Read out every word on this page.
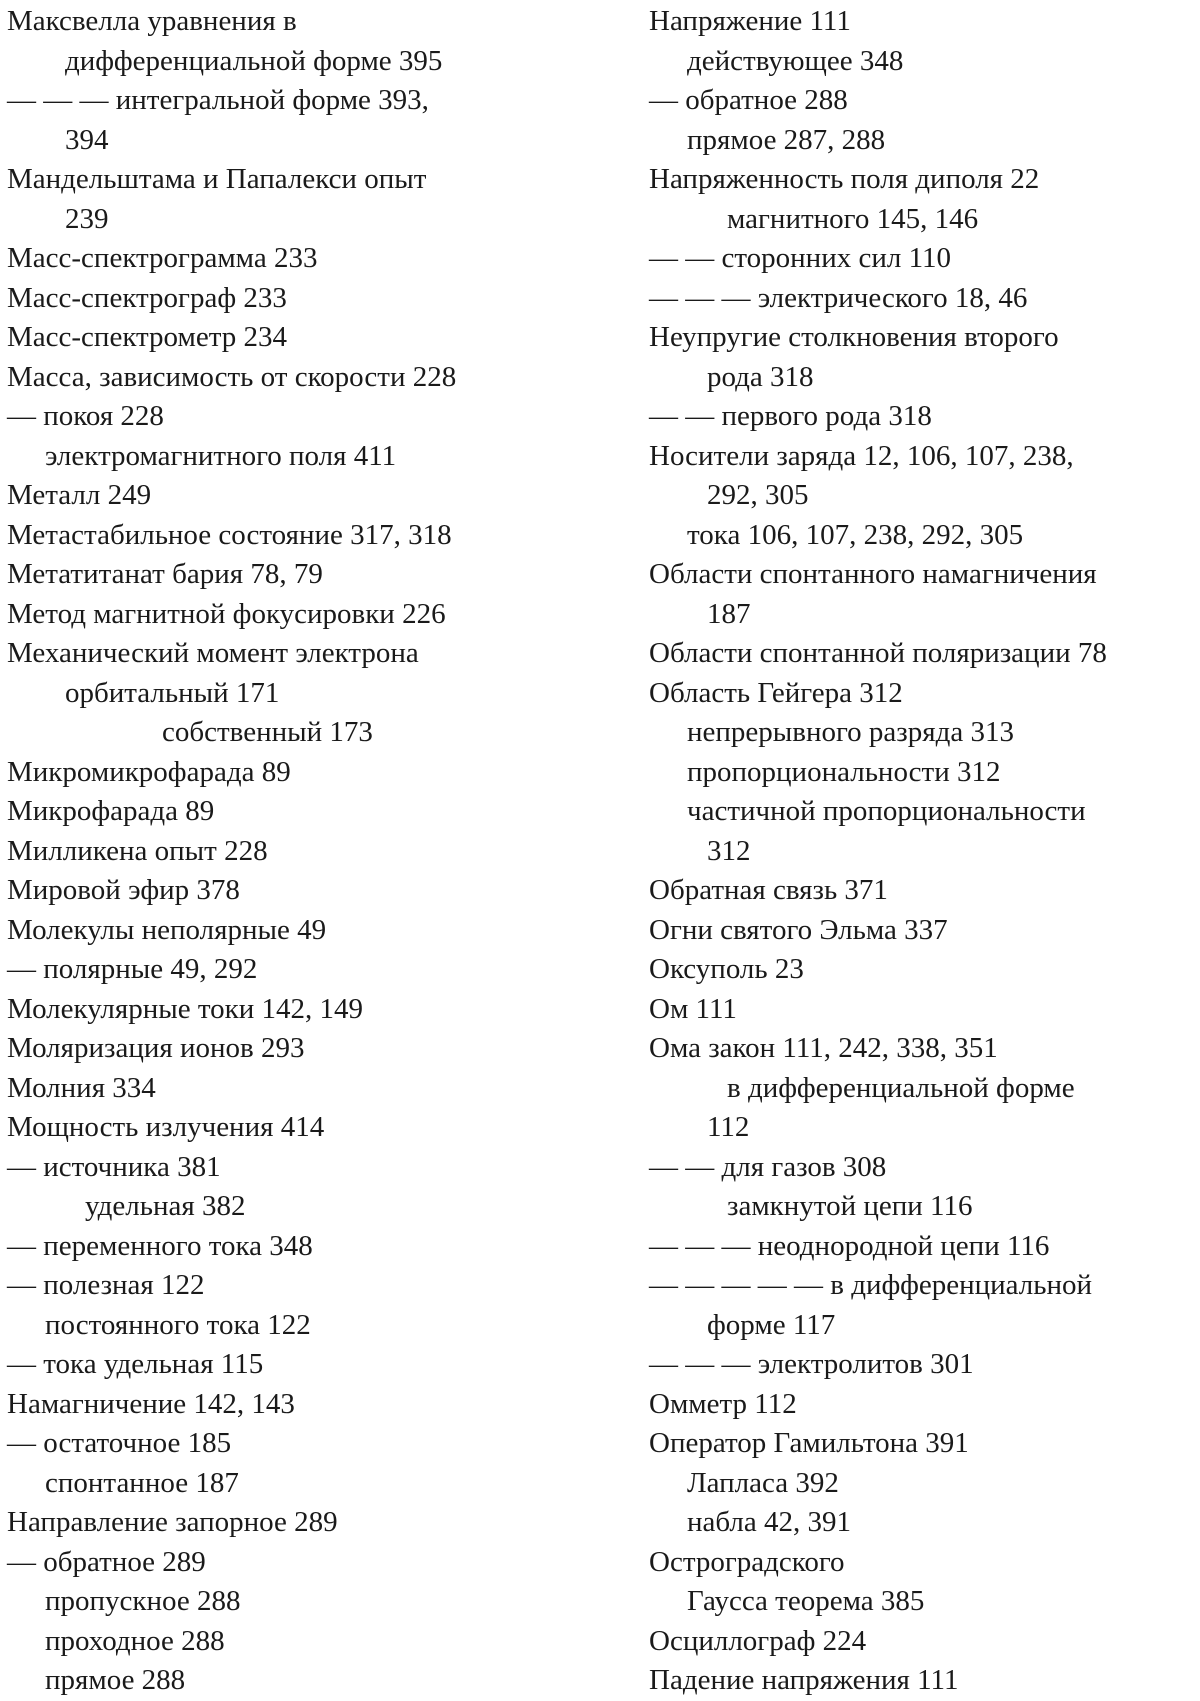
Максвелла уравнения в
дифференциальной форме 395
— — — интегральной форме 393,
394
Мандельштама и Папалекси опыт
239
Масс-спектрограмма 233
Масс-спектрограф 233
Масс-спектрометр 234
Масса, зависимость от скорости 228
— покоя 228
электромагнитного поля 411
Металл 249
Метастабильное состояние 317, 318
Метатитанат бария 78, 79
Метод магнитной фокусировки 226
Механический момент электрона
орбитальный 171
собственный 173
Микромикрофарада 89
Микрофарада 89
Милликена опыт 228
Мировой эфир 378
Молекулы неполярные 49
— полярные 49, 292
Молекулярные токи 142, 149
Моляризация ионов 293
Молния 334
Мощность излучения 414
— источника 381
удельная 382
— переменного тока 348
— полезная 122
постоянного тока 122
— тока удельная 115
Намагничение 142, 143
— остаточное 185
спонтанное 187
Направление запорное 289
— обратное 289
пропускное 288
проходное 288
прямое 288
Напряжение 111
действующее 348
— обратное 288
прямое 287, 288
Напряженность поля диполя 22
магнитного 145, 146
— — сторонних сил 110
— — — электрического 18, 46
Неупругие столкновения второго
рода 318
— — первого рода 318
Носители заряда 12, 106, 107, 238,
292, 305
тока 106, 107, 238, 292, 305
Области спонтанного намагничения
187
Области спонтанной поляризации 78
Область Гейгера 312
непрерывного разряда 313
пропорциональности 312
частичной пропорциональности
312
Обратная связь 371
Огни святого Эльма 337
Оксуполь 23
Ом 111
Ома закон 111, 242, 338, 351
в дифференциальной форме
112
— — для газов 308
замкнутой цепи 116
— — — неоднородной цепи 116
— — — — — в дифференциальной
форме 117
— — — электролитов 301
Омметр 112
Оператор Гамильтона 391
Лапласа 392
набла 42, 391
Остроградского
Гаусса теорема 385
Осциллограф 224
Падение напряжения 111
